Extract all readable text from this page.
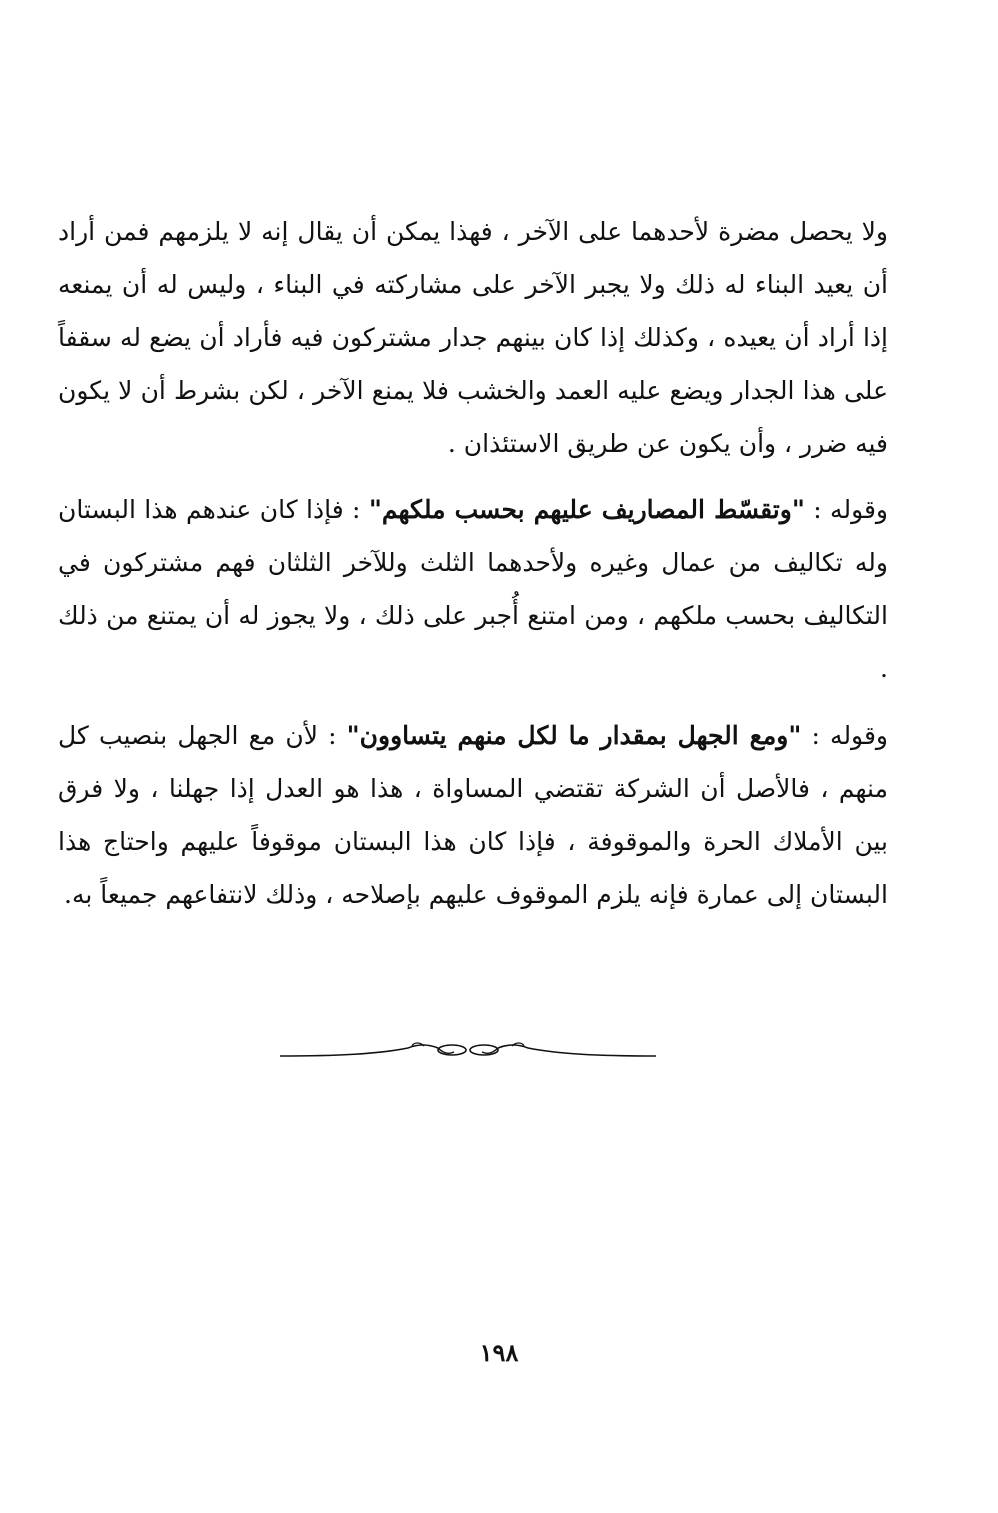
ولا يحصل مضرة لأحدهما على الآخر ، فهذا يمكن أن يقال إنه لا يلزمهم فمن أراد أن يعيد البناء له ذلك ولا يجبر الآخر على مشاركته في البناء ، وليس له أن يمنعه إذا أراد أن يعيده ، وكذلك إذا كان بينهم جدار مشتركون فيه فأراد أن يضع له سقفاً على هذا الجدار ويضع عليه العمد والخشب فلا يمنع الآخر ، لكن بشرط أن لا يكون فيه ضرر ، وأن يكون عن طريق الاستئذان .

وقوله : "وتقسّط المصاريف عليهم بحسب ملكهم" : فإذا كان عندهم هذا البستان وله تكاليف من عمال وغيره ولأحدهما الثلث وللآخر الثلثان فهم مشتركون في التكاليف بحسب ملكهم ، ومن امتنع أُجبر على ذلك ، ولا يجوز له أن يمتنع من ذلك .

وقوله : "ومع الجهل بمقدار ما لكل منهم يتساوون" : لأن مع الجهل بنصيب كل منهم ، فالأصل أن الشركة تقتضي المساواة ، هذا هو العدل إذا جهلنا ، ولا فرق بين الأملاك الحرة والموقوفة ، فإذا كان هذا البستان موقوفاً عليهم واحتاج هذا البستان إلى عمارة فإنه يلزم الموقوف عليهم بإصلاحه ، وذلك لانتفاعهم جميعاً به.

١٩٨
